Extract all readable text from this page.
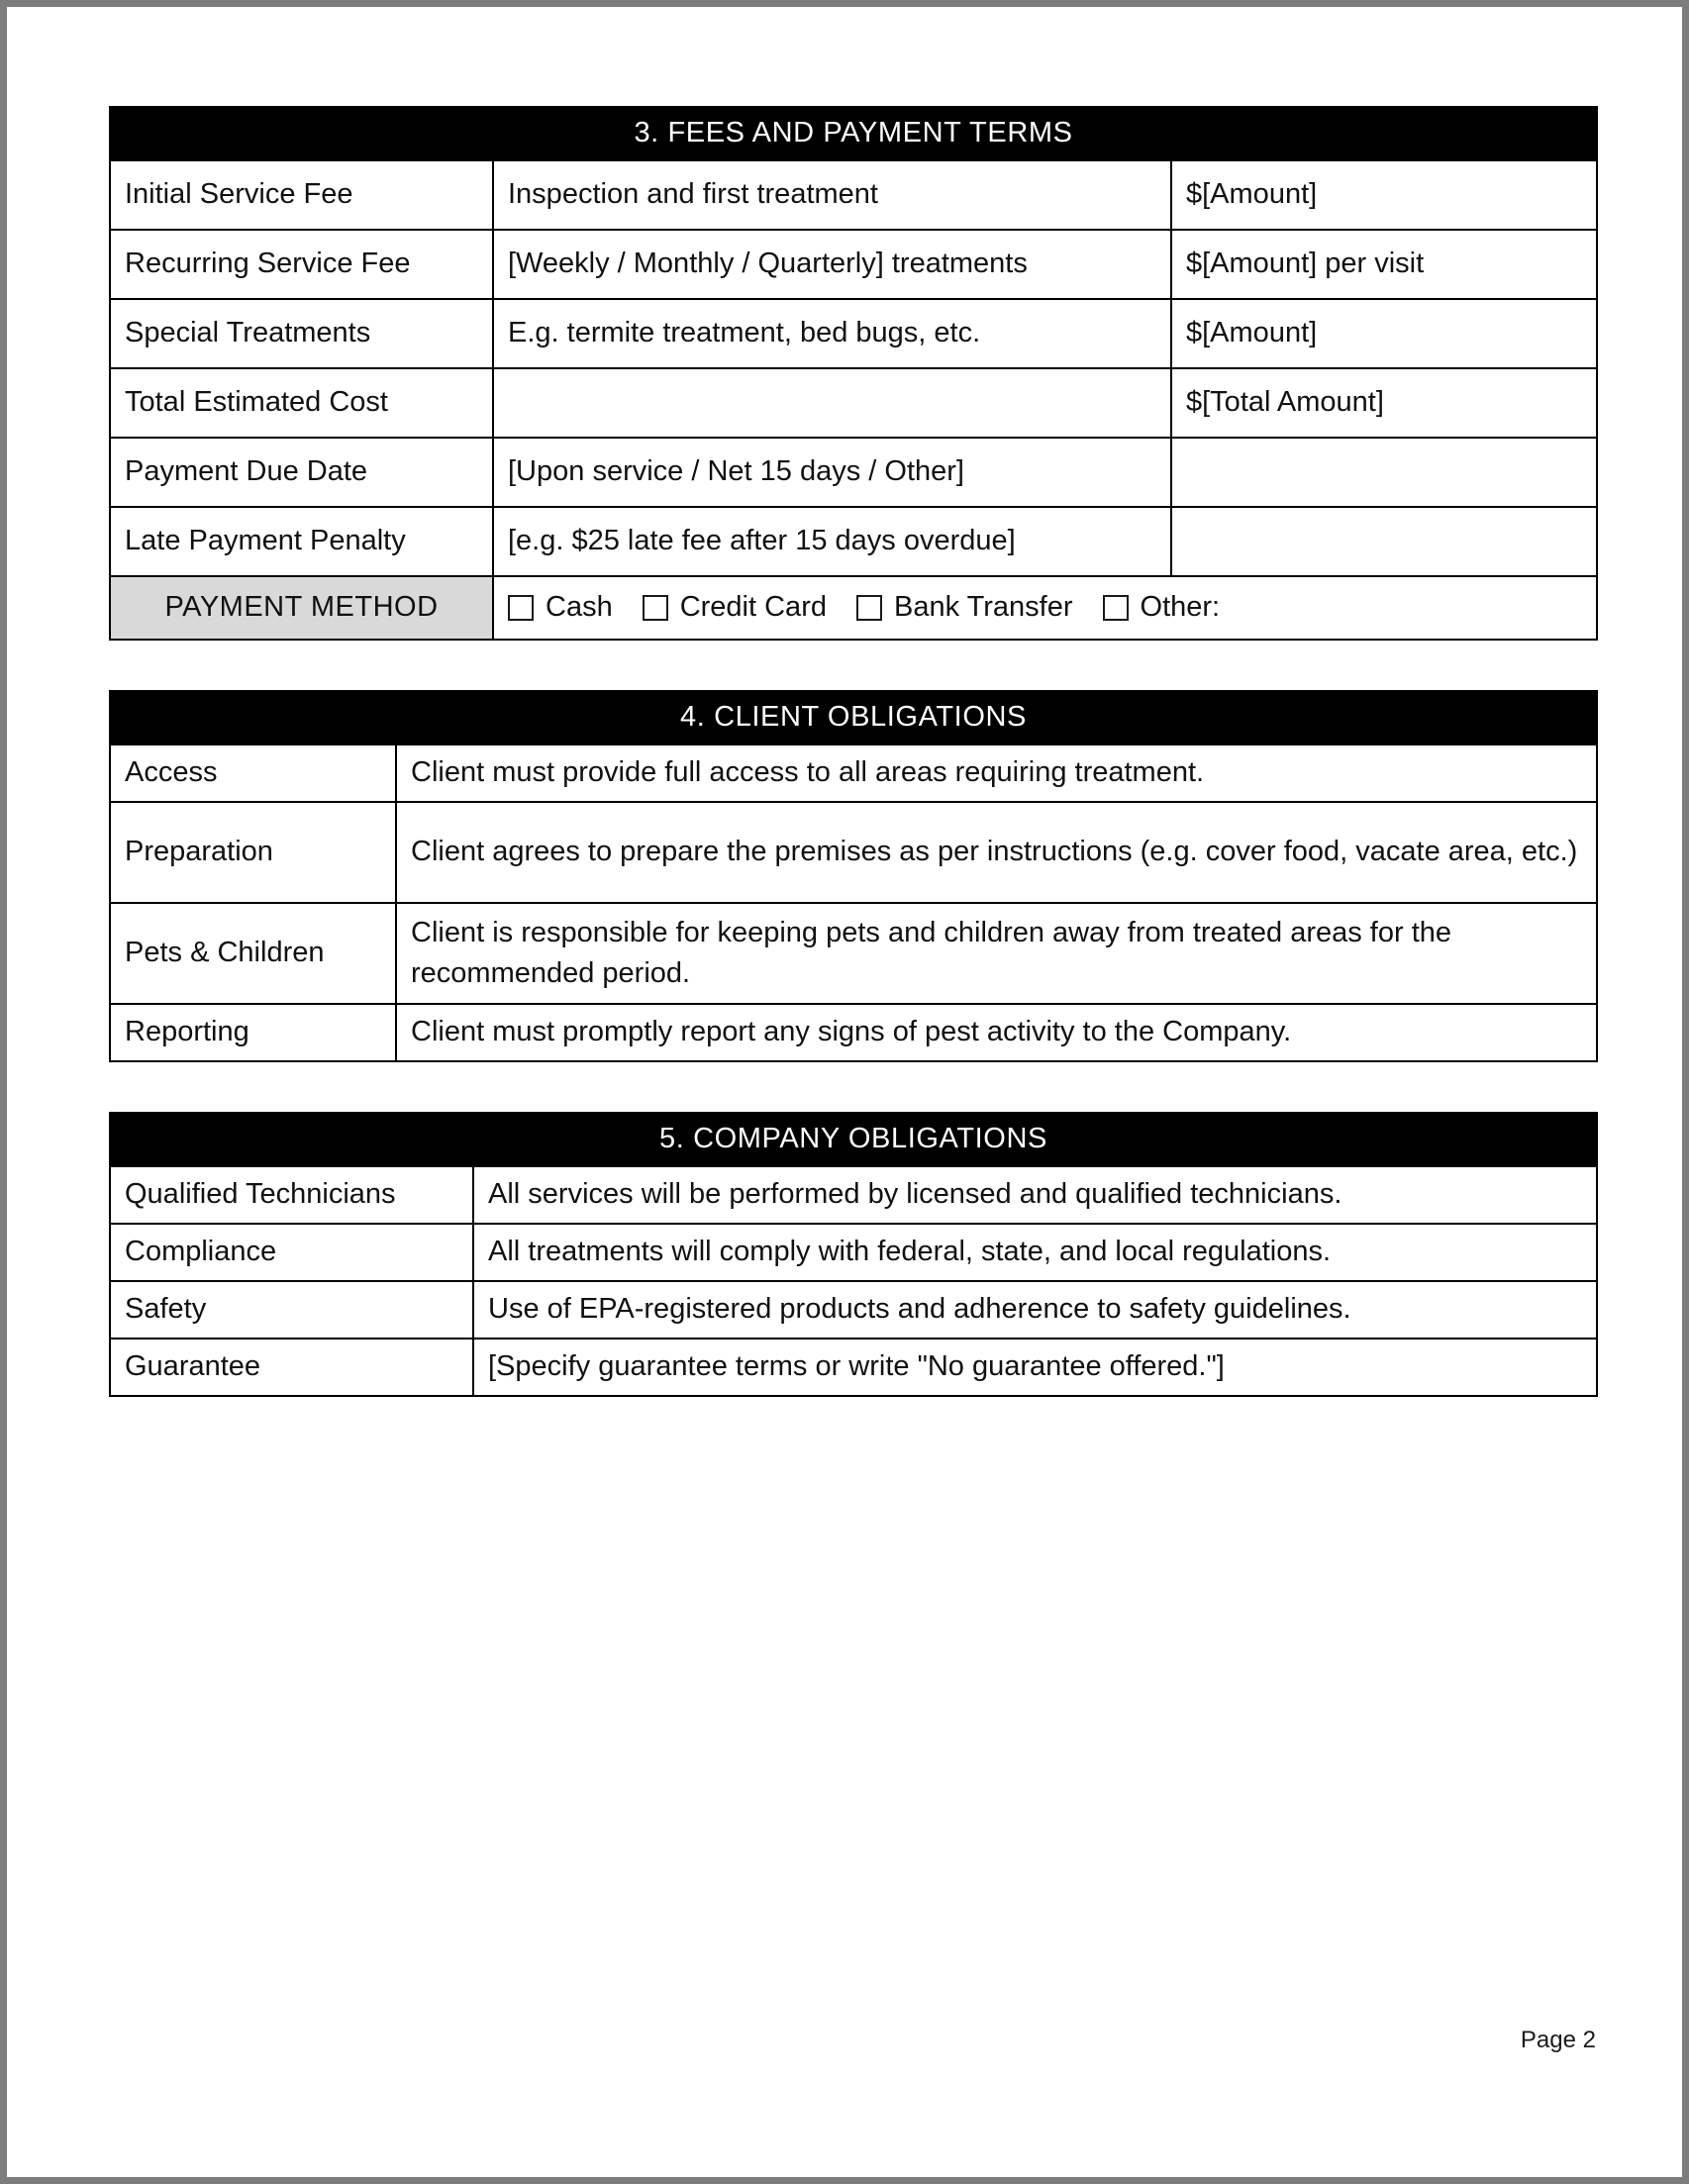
3. FEES AND PAYMENT TERMS		
Initial Service Fee	Inspection and first treatment	$[Amount]
Recurring Service Fee	[Weekly / Monthly / Quarterly] treatments	$[Amount] per visit
Special Treatments	E.g. termite treatment, bed bugs, etc.	$[Amount]
Total Estimated Cost		$[Total Amount]
Payment Due Date	[Upon service / Net 15 days / Other]	
Late Payment Penalty	[e.g. $25 late fee after 15 days overdue]	
PAYMENT METHOD	Cash Credit Card Bank Transfer Other:	
4. CLIENT OBLIGATIONS	
Access	Client must provide full access to all areas requiring treatment.
Preparation	Client agrees to prepare the premises as per instructions (e.g. cover food, vacate area, etc.)
Pets & Children	Client is responsible for keeping pets and children away from treated areas for the recommended period.
Reporting	Client must promptly report any signs of pest activity to the Company.
5. COMPANY OBLIGATIONS	
Qualified Technicians	All services will be performed by licensed and qualified technicians.
Compliance	All treatments will comply with federal, state, and local regulations.
Safety	Use of EPA-registered products and adherence to safety guidelines.
Guarantee	[Specify guarantee terms or write "No guarantee offered."]
Page 2
